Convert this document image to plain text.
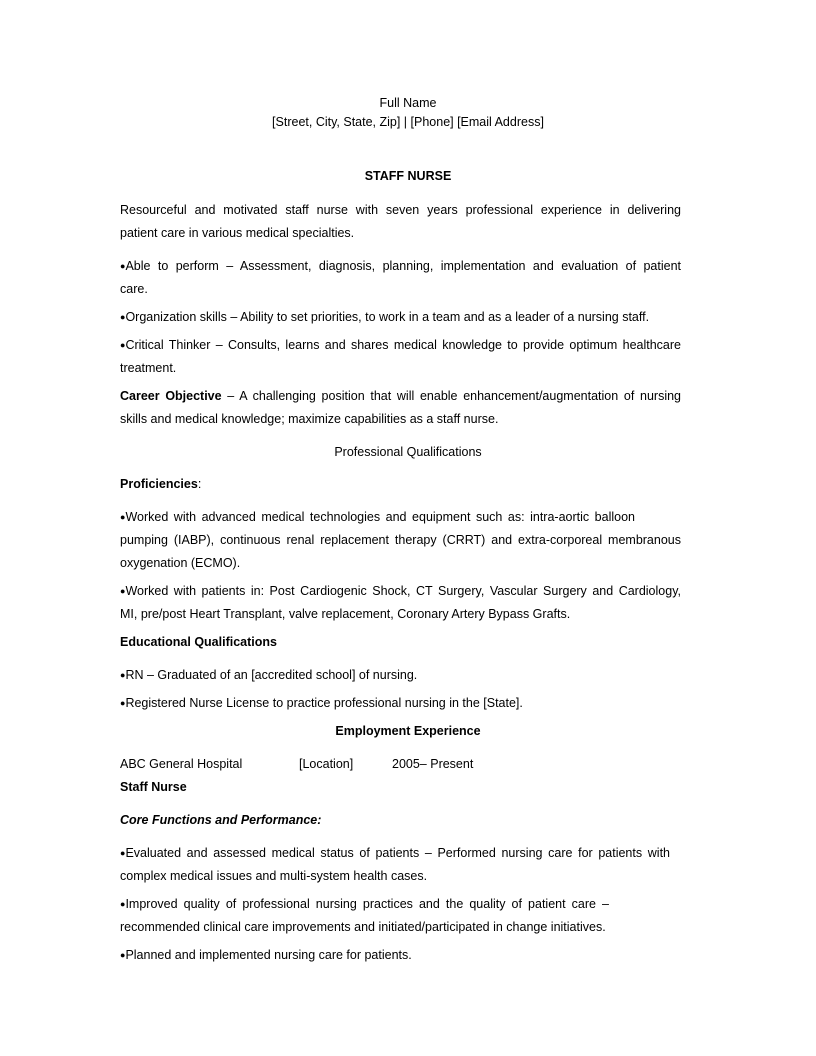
Full Name
[Street, City, State, Zip] | [Phone] [Email Address]
STAFF NURSE
Resourceful and motivated staff nurse with seven years professional experience in delivering
patient care in various medical specialties.
●Able to perform – Assessment, diagnosis, planning, implementation and evaluation of patient
care.
●Organization skills – Ability to set priorities, to work in a team and as a leader of a nursing staff.
●Critical Thinker – Consults, learns and shares medical knowledge to provide optimum healthcare
treatment.
Career Objective – A challenging position that will enable enhancement/augmentation of nursing
skills and medical knowledge; maximize capabilities as a staff nurse.
Professional Qualifications
Proficiencies:
●Worked with advanced medical technologies and equipment such as: intra-aortic balloon
pumping (IABP), continuous renal replacement therapy (CRRT) and extra-corporeal membranous
oxygenation (ECMO).
●Worked with patients in: Post Cardiogenic Shock, CT Surgery, Vascular Surgery and Cardiology,
MI, pre/post Heart Transplant, valve replacement, Coronary Artery Bypass Grafts.
Educational Qualifications
●RN – Graduated of an [accredited school] of nursing.
●Registered Nurse License to practice professional nursing in the [State].
Employment Experience
ABC General Hospital	[Location]	2005– Present
Staff Nurse
Core Functions and Performance:
●Evaluated and assessed medical status of patients – Performed nursing care for patients with
complex medical issues and multi-system health cases.
●Improved quality of professional nursing practices and the quality of patient care –
recommended clinical care improvements and initiated/participated in change initiatives.
●Planned and implemented nursing care for patients.
